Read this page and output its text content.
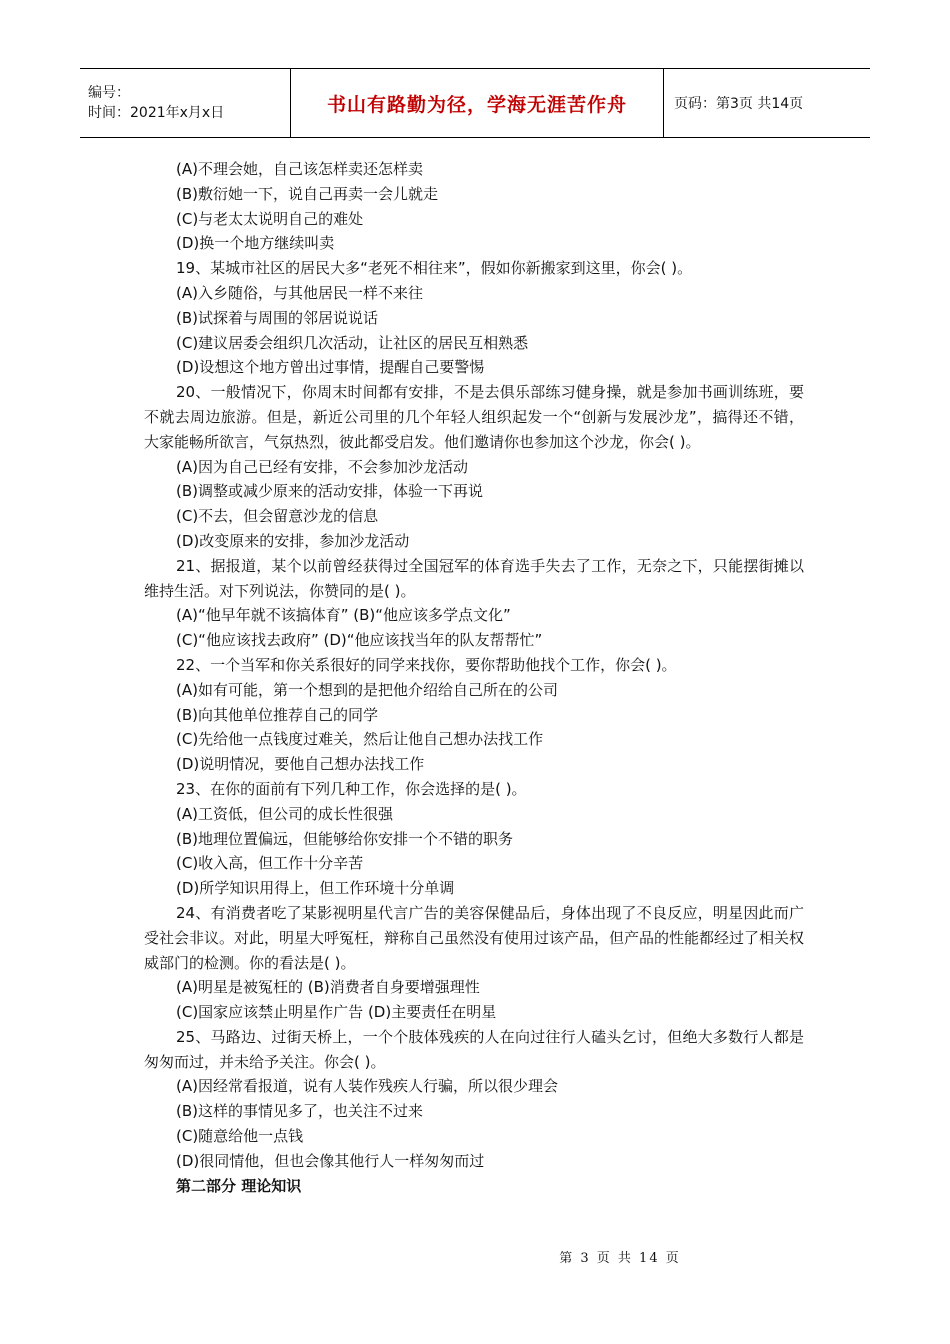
编号：
时间：2021年x月x日	书山有路勤为径，学海无涯苦作舟	页码：第3页 共14页

(A)不理会她，自己该怎样卖还怎样卖

(B)敷衍她一下，说自己再卖一会儿就走

(C)与老太太说明自己的难处

(D)换一个地方继续叫卖

19、某城市社区的居民大多“老死不相往来”，假如你新搬家到这里，你会( )。

(A)入乡随俗，与其他居民一样不来往

(B)试探着与周围的邻居说说话

(C)建议居委会组织几次活动，让社区的居民互相熟悉

(D)设想这个地方曾出过事情，提醒自己要警惕

20、一般情况下，你周末时间都有安排，不是去俱乐部练习健身操，就是参加书画训练班，要不就去周边旅游。但是，新近公司里的几个年轻人组织起发一个“创新与发展沙龙”，搞得还不错，大家能畅所欲言，气氛热烈，彼此都受启发。他们邀请你也参加这个沙龙，你会( )。

(A)因为自己已经有安排，不会参加沙龙活动

(B)调整或减少原来的活动安排，体验一下再说

(C)不去，但会留意沙龙的信息

(D)改变原来的安排，参加沙龙活动

21、据报道，某个以前曾经获得过全国冠军的体育选手失去了工作，无奈之下，只能摆街摊以维持生活。对下列说法，你赞同的是( )。

(A)“他早年就不该搞体育” (B)“他应该多学点文化”

(C)“他应该找去政府” (D)“他应该找当年的队友帮帮忙”

22、一个当军和你关系很好的同学来找你，要你帮助他找个工作，你会( )。

(A)如有可能，第一个想到的是把他介绍给自己所在的公司

(B)向其他单位推荐自己的同学

(C)先给他一点钱度过难关，然后让他自己想办法找工作

(D)说明情况，要他自己想办法找工作

23、在你的面前有下列几种工作，你会选择的是( )。

(A)工资低，但公司的成长性很强

(B)地理位置偏远，但能够给你安排一个不错的职务

(C)收入高，但工作十分辛苦

(D)所学知识用得上，但工作环境十分单调

24、有消费者吃了某影视明星代言广告的美容保健品后，身体出现了不良反应，明星因此而广受社会非议。对此，明星大呼冤枉，辩称自己虽然没有使用过该产品，但产品的性能都经过了相关权威部门的检测。你的看法是( )。

(A)明星是被冤枉的 (B)消费者自身要增强理性

(C)国家应该禁止明星作广告 (D)主要责任在明星

25、马路边、过街天桥上，一个个肢体残疾的人在向过往行人磕头乞讨，但绝大多数行人都是匆匆而过，并未给予关注。你会( )。

(A)因经常看报道，说有人装作残疾人行骗，所以很少理会

(B)这样的事情见多了，也关注不过来

(C)随意给他一点钱

(D)很同情他，但也会像其他行人一样匆匆而过

第二部分 理论知识

第 3 页 共 14 页
